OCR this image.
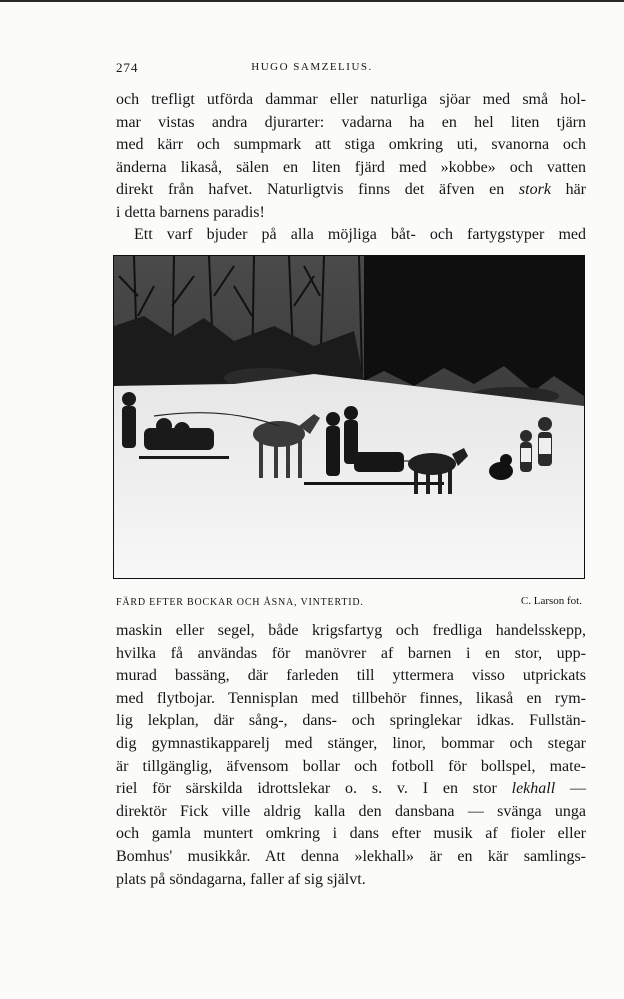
274	HUGO SAMZELIUS.
och trefligt utförda dammar eller naturliga sjöar med små hol-
mar vistas andra djurarter: vadarna ha en hel liten tjärn
med kärr och sumpmark att stiga omkring uti, svanorna och
änderna likaså, sälen en liten fjärd med »kobbe» och vatten
direkt från hafvet. Naturligtvis finns det äfven en stork här
i detta barnens paradis!
Ett varf bjuder på alla möjliga båt- och fartygstyper med
FÄRD EFTER BOCKAR OCH ÅSNA, VINTERTID.	C. Larson fot.
maskin eller segel, både krigsfartyg och fredliga handelsskepp,
hvilka få användas för manövrer af barnen i en stor, upp-
murad bassäng, där farleden till yttermera visso utprickats
med flytbojar. Tennisplan med tillbehör finnes, likaså en rym-
lig lekplan, där sång-, dans- och springlekar idkas. Fullstän-
dig gymnastikapparelj med stänger, linor, bommar och stegar
är tillgänglig, äfvensom bollar och fotboll för bollspel, mate-
riel för särskilda idrottslekar o. s. v. I en stor lekhall —
direktör Fick ville aldrig kalla den dansbana — svänga unga
och gamla muntert omkring i dans efter musik af fioler eller
Bomhus' musikkår. Att denna »lekhall» är en kär samlings-
plats på söndagarna, faller af sig självt.
